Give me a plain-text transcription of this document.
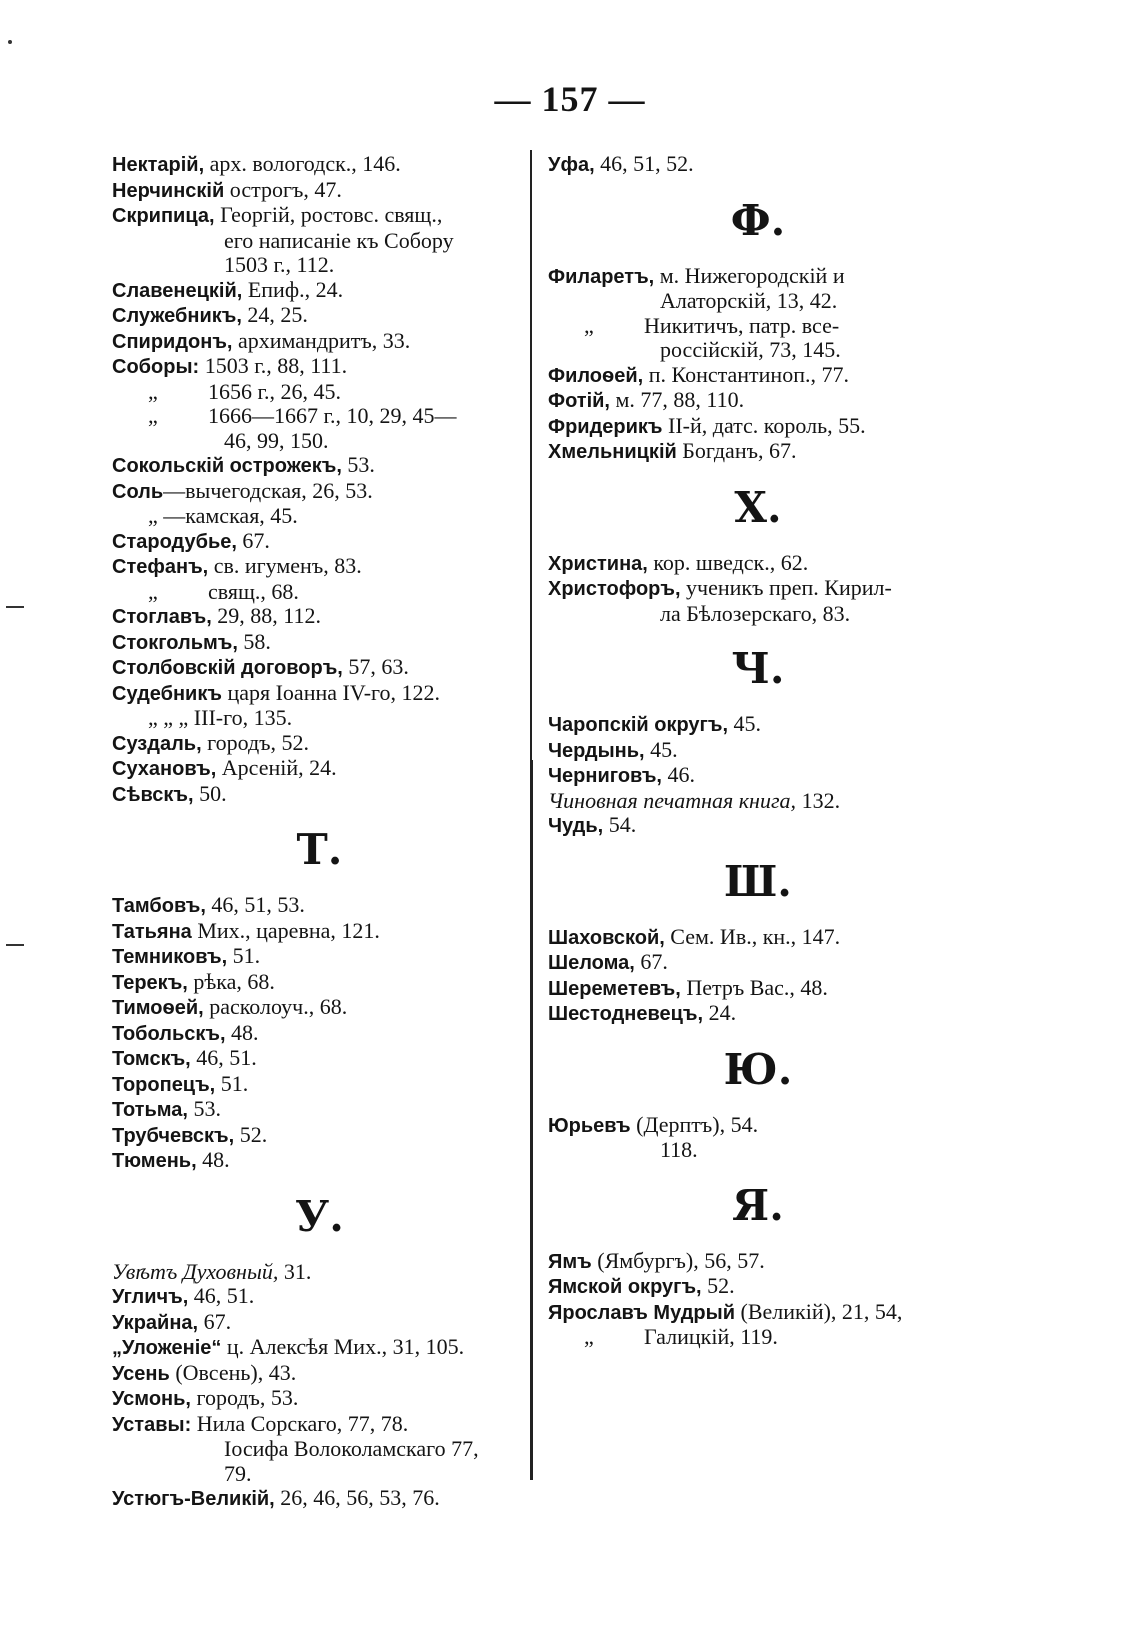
— 157 —
Нектарій, арх. вологодск., 146.
Нерчинскій острогъ, 47.
Скрипица, Георгій, ростовс. свящ.,
его написаніе къ Собору
1503 г., 112.
Славенецкій, Епиф., 24.
Служебникъ, 24, 25.
Спиридонъ, архимандритъ, 33.
Соборы: 1503 г., 88, 111.
„ 1656 г., 26, 45.
„ 1666—1667 г., 10, 29, 45—
46, 99, 150.
Сокольскій острожекъ, 53.
Соль—вычегодская, 26, 53.
„ —камская, 45.
Стародубье, 67.
Стефанъ, св. игуменъ, 83.
„ свящ., 68.
Стоглавъ, 29, 88, 112.
Стокгольмъ, 58.
Столбовскій договоръ, 57, 63.
Судебникъ царя Іоанна IV-го, 122.
„ „ „ III-го, 135.
Суздаль, городъ, 52.
Сухановъ, Арсеній, 24.
Сѣвскъ, 50.
Т.
Тамбовъ, 46, 51, 53.
Татьяна Мих., царевна, 121.
Темниковъ, 51.
Терекъ, рѣка, 68.
Тимоѳей, расколоуч., 68.
Тобольскъ, 48.
Томскъ, 46, 51.
Торопецъ, 51.
Тотьма, 53.
Трубчевскъ, 52.
Тюмень, 48.
У.
Увѣтъ Духовный, 31.
Угличъ, 46, 51.
Украйна, 67.
„Уложеніе“ ц. Алексѣя Мих., 31, 105.
Усень (Овсень), 43.
Усмонь, городъ, 53.
Уставы: Нила Сорскаго, 77, 78.
Іосифа Волоколамскаго 77,
79.
Устюгъ-Великій, 26, 46, 56, 53, 76.
Уфа, 46, 51, 52.
Ф.
Филаретъ, м. Нижегородскій и
Алаторскій, 13, 42.
„ Никитичъ, патр. все-
россійскій, 73, 145.
Филоѳей, п. Константиноп., 77.
Фотій, м. 77, 88, 110.
Фридерикъ II-й, датс. король, 55.
Хмельницкій Богданъ, 67.
Х.
Христина, кор. шведск., 62.
Христофоръ, ученикъ преп. Кирил-
ла Бѣлозерскаго, 83.
Ч.
Чаропскій округъ, 45.
Чердынь, 45.
Черниговъ, 46.
Чиновная печатная книга, 132.
Чудь, 54.
Ш.
Шаховской, Сем. Ив., кн., 147.
Шелома, 67.
Шереметевъ, Петръ Вас., 48.
Шестодневецъ, 24.
Ю.
Юрьевъ (Дерптъ), 54.
118.
Я.
Ямъ (Ямбургъ), 56, 57.
Ямской округъ, 52.
Ярославъ Мудрый (Великій), 21, 54,
„ Галицкій, 119.
